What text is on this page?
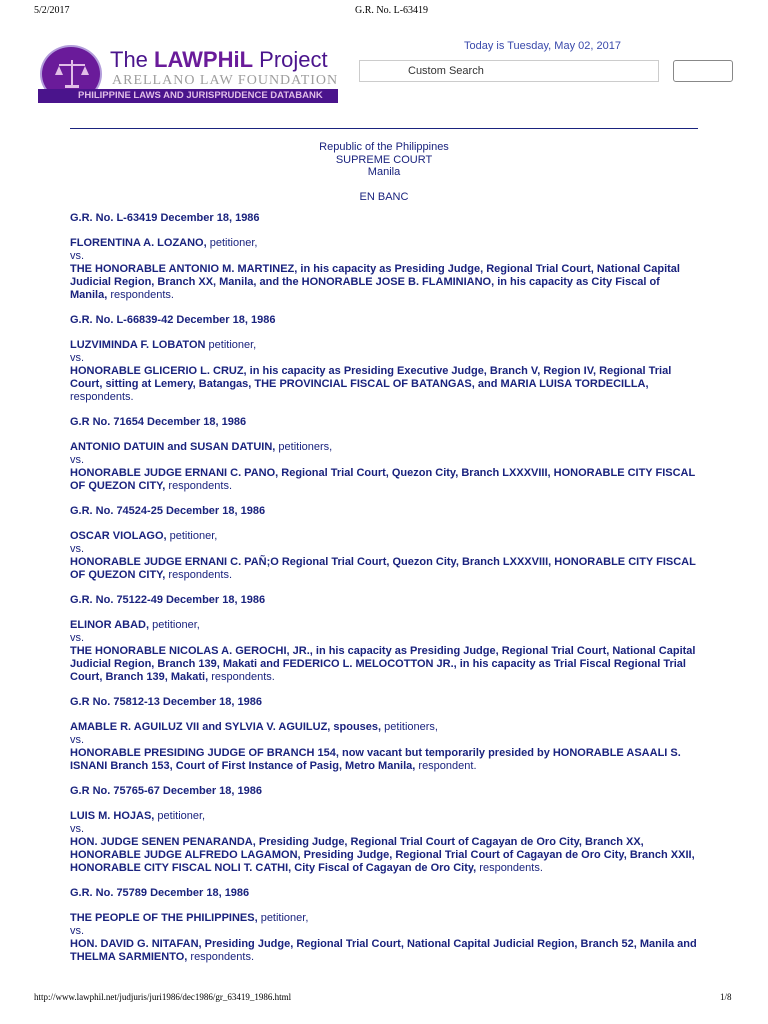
5/2/2017	G.R. No. L-63419
The LAWPHiL Project
ARELLANO LAW FOUNDATION
PHILIPPINE LAWS AND JURISPRUDENCE DATABANK
Today is Tuesday, May 02, 2017
Custom Search
Republic of the Philippines
SUPREME COURT
Manila
EN BANC
G.R. No. L-63419 December 18, 1986
FLORENTINA A. LOZANO, petitioner,
vs.
THE HONORABLE ANTONIO M. MARTINEZ, in his capacity as Presiding Judge, Regional Trial Court, National Capital Judicial Region, Branch XX, Manila, and the HONORABLE JOSE B. FLAMINIANO, in his capacity as City Fiscal of Manila, respondents.
G.R. No. L-66839-42 December 18, 1986
LUZVIMINDA F. LOBATON petitioner,
vs.
HONORABLE GLICERIO L. CRUZ, in his capacity as Presiding Executive Judge, Branch V, Region IV, Regional Trial Court, sitting at Lemery, Batangas, THE PROVINCIAL FISCAL OF BATANGAS, and MARIA LUISA TORDECILLA, respondents.
G.R No. 71654 December 18, 1986
ANTONIO DATUIN and SUSAN DATUIN, petitioners,
vs.
HONORABLE JUDGE ERNANI C. PANO, Regional Trial Court, Quezon City, Branch LXXXVIII, HONORABLE CITY FISCAL OF QUEZON CITY, respondents.
G.R. No. 74524-25 December 18, 1986
OSCAR VIOLAGO, petitioner,
vs.
HONORABLE JUDGE ERNANI C. PAÑ;O Regional Trial Court, Quezon City, Branch LXXXVIII, HONORABLE CITY FISCAL OF QUEZON CITY, respondents.
G.R. No. 75122-49 December 18, 1986
ELINOR ABAD, petitioner,
vs.
THE HONORABLE NICOLAS A. GEROCHI, JR., in his capacity as Presiding Judge, Regional Trial Court, National Capital Judicial Region, Branch 139, Makati and FEDERICO L. MELOCOTTON JR., in his capacity as Trial Fiscal Regional Trial Court, Branch 139, Makati, respondents.
G.R No. 75812-13 December 18, 1986
AMABLE R. AGUILUZ VII and SYLVIA V. AGUILUZ, spouses, petitioners,
vs.
HONORABLE PRESIDING JUDGE OF BRANCH 154, now vacant but temporarily presided by HONORABLE ASAALI S. ISNANI Branch 153, Court of First Instance of Pasig, Metro Manila, respondent.
G.R No. 75765-67 December 18, 1986
LUIS M. HOJAS, petitioner,
vs.
HON. JUDGE SENEN PENARANDA, Presiding Judge, Regional Trial Court of Cagayan de Oro City, Branch XX, HONORABLE JUDGE ALFREDO LAGAMON, Presiding Judge, Regional Trial Court of Cagayan de Oro City, Branch XXII, HONORABLE CITY FISCAL NOLI T. CATHI, City Fiscal of Cagayan de Oro City, respondents.
G.R. No. 75789 December 18, 1986
THE PEOPLE OF THE PHILIPPINES, petitioner,
vs.
HON. DAVID G. NITAFAN, Presiding Judge, Regional Trial Court, National Capital Judicial Region, Branch 52, Manila and THELMA SARMIENTO, respondents.
http://www.lawphil.net/judjuris/juri1986/dec1986/gr_63419_1986.html	1/8
